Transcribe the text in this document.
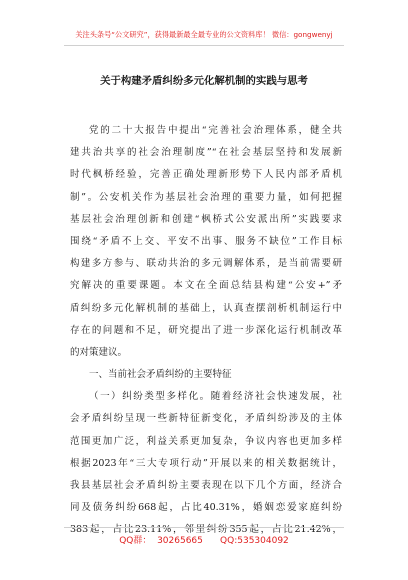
关注头条号“公文研究”，获得最新最全最专业的公文资料库！ 微信：gongwenyj
关于构建矛盾纠纷多元化解机制的实践与思考
党的二十大报告中提出“完善社会治理体系，健全共
建共治共享的社会治理制度”“在社会基层坚持和发展新
时代枫桥经验，完善正确处理新形势下人民内部矛盾机
制”。公安机关作为基层社会治理的重要力量，如何把握
基层社会治理创新和创建“枫桥式公安派出所”实践要求
围绕“矛盾不上交、平安不出事、服务不缺位”工作目标
构建多方参与、联动共治的多元调解体系，是当前需要研
究解决的重要课题。本文在全面总结县构建“公安+”矛
盾纠纷多元化解机制的基础上，认真查摆剖析机制运行中
存在的问题和不足，研究提出了进一步深化运行机制改革
的对策建议。
一、当前社会矛盾纠纷的主要特征
（一）纠纷类型多样化。随着经济社会快速发展，社
会矛盾纠纷呈现一些新特征新变化，矛盾纠纷涉及的主体
范围更加广泛，利益关系更加复杂，争议内容也更加多样
根据2023年“三大专项行动”开展以来的相关数据统计，
我县基层社会矛盾纠纷主要表现在以下几个方面，经济合
同及债务纠纷668起，占比40.31%，婚姻恋爱家庭纠纷
383起，占比23.11%，邻里纠纷355起，占比21.42%，
QQ群：  30265665      QQ:535304092
